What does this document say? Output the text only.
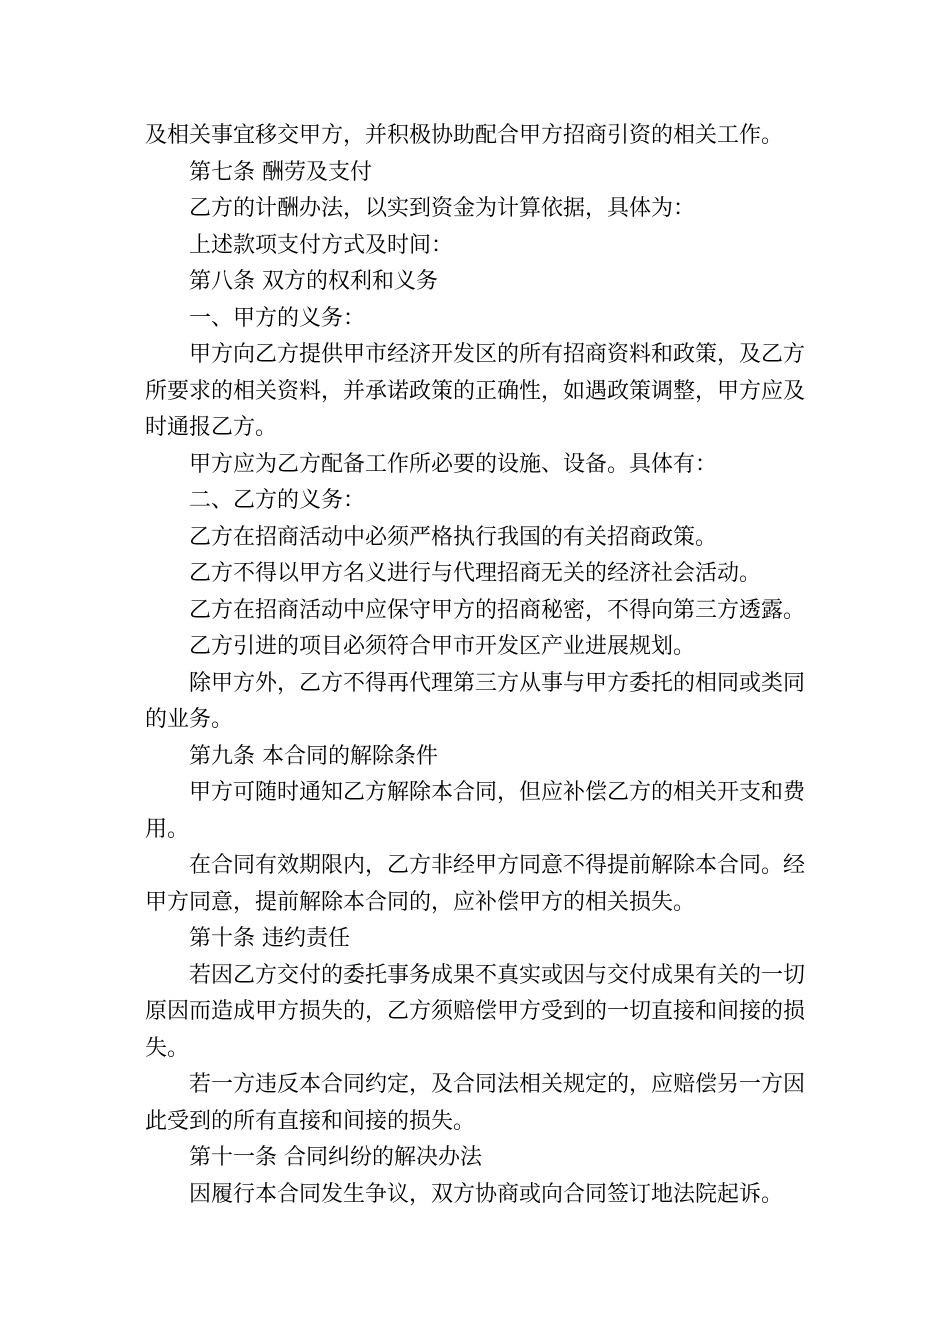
及相关事宜移交甲方，并积极协助配合甲方招商引资的相关工作。

第七条 酬劳及支付

乙方的计酬办法，以实到资金为计算依据，具体为：

上述款项支付方式及时间：

第八条 双方的权利和义务

一、甲方的义务：

甲方向乙方提供甲市经济开发区的所有招商资料和政策，及乙方所要求的相关资料，并承诺政策的正确性，如遇政策调整，甲方应及时通报乙方。

甲方应为乙方配备工作所必要的设施、设备。具体有：

二、乙方的义务：

乙方在招商活动中必须严格执行我国的有关招商政策。

乙方不得以甲方名义进行与代理招商无关的经济社会活动。

乙方在招商活动中应保守甲方的招商秘密，不得向第三方透露。

乙方引进的项目必须符合甲市开发区产业进展规划。

除甲方外，乙方不得再代理第三方从事与甲方委托的相同或类同的业务。

第九条 本合同的解除条件

甲方可随时通知乙方解除本合同，但应补偿乙方的相关开支和费用。

在合同有效期限内，乙方非经甲方同意不得提前解除本合同。经甲方同意，提前解除本合同的，应补偿甲方的相关损失。

第十条 违约责任

若因乙方交付的委托事务成果不真实或因与交付成果有关的一切原因而造成甲方损失的，乙方须赔偿甲方受到的一切直接和间接的损失。

若一方违反本合同约定，及合同法相关规定的，应赔偿另一方因此受到的所有直接和间接的损失。

第十一条 合同纠纷的解决办法

因履行本合同发生争议，双方协商或向合同签订地法院起诉。
